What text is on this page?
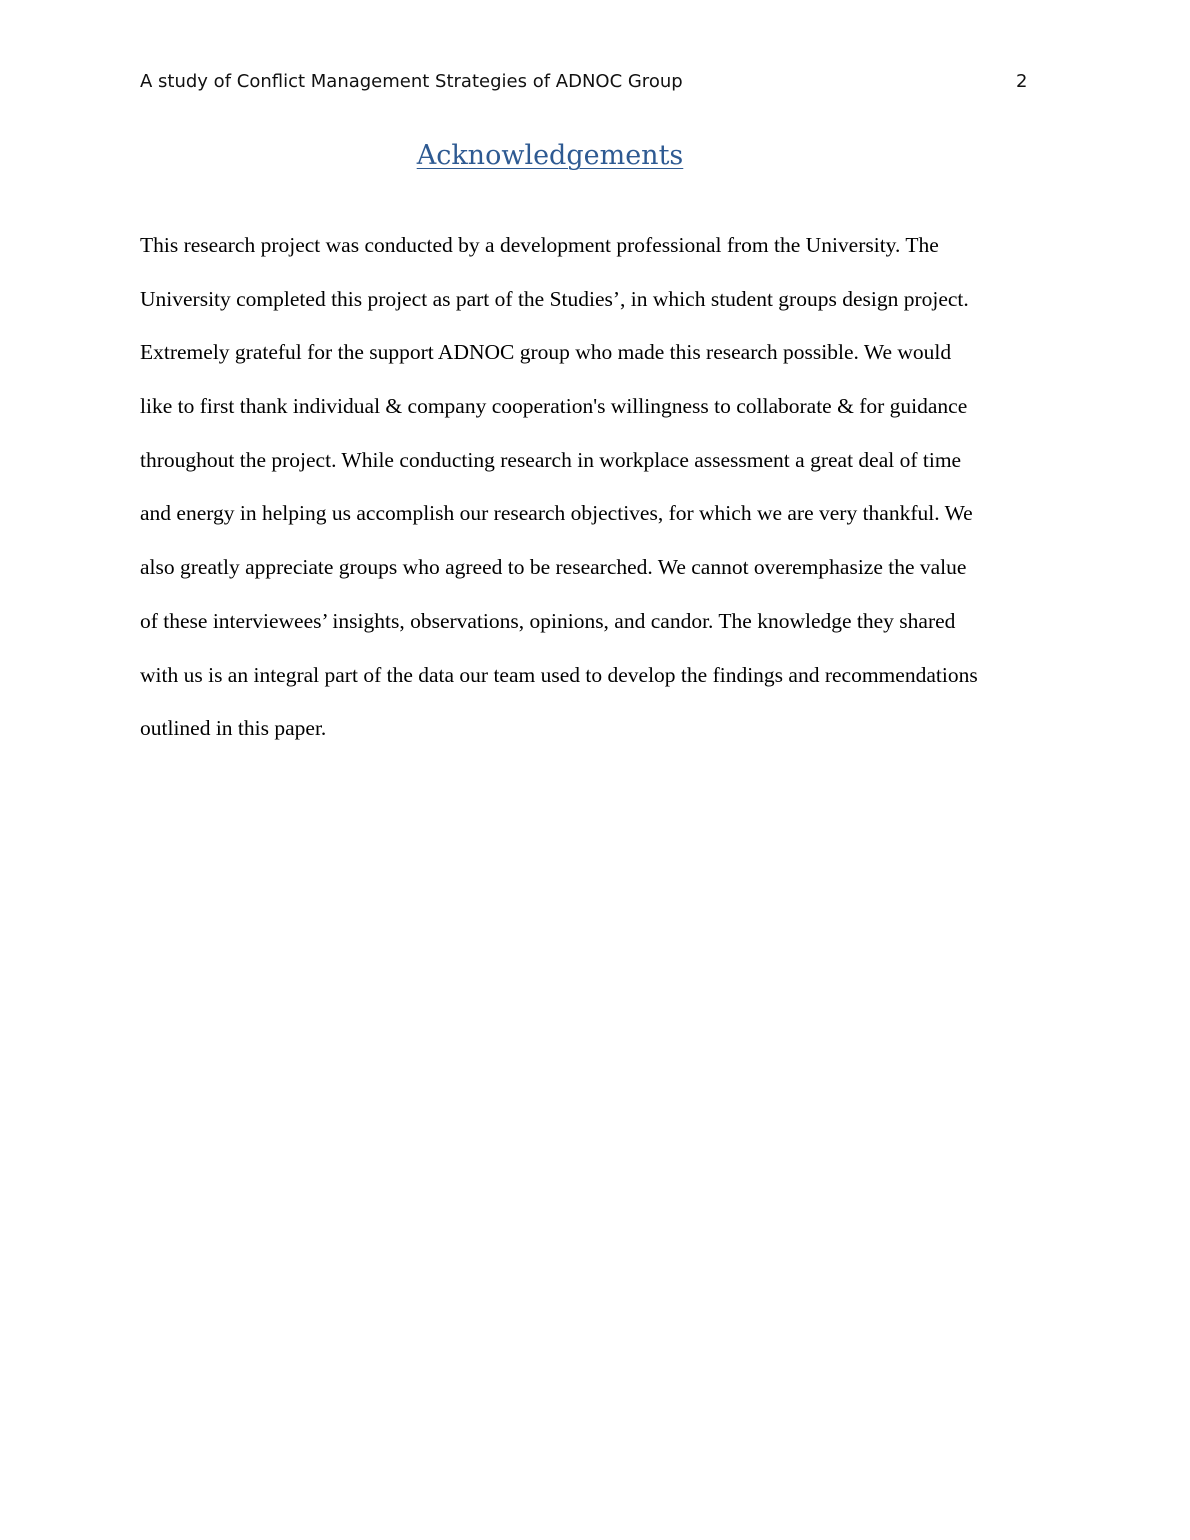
A study of Conflict Management Strategies of ADNOC Group	2
Acknowledgements
This research project was conducted by a development professional from the University. The
University completed this project as part of the Studies’, in which student groups design project.
Extremely grateful for the support ADNOC group who made this research possible. We would
like to first thank individual & company cooperation's willingness to collaborate & for guidance
throughout the project. While conducting research in workplace assessment a great deal of time
and energy in helping us accomplish our research objectives, for which we are very thankful. We
also greatly appreciate groups who agreed to be researched. We cannot overemphasize the value
of these interviewees’ insights, observations, opinions, and candor. The knowledge they shared
with us is an integral part of the data our team used to develop the findings and recommendations
outlined in this paper.
